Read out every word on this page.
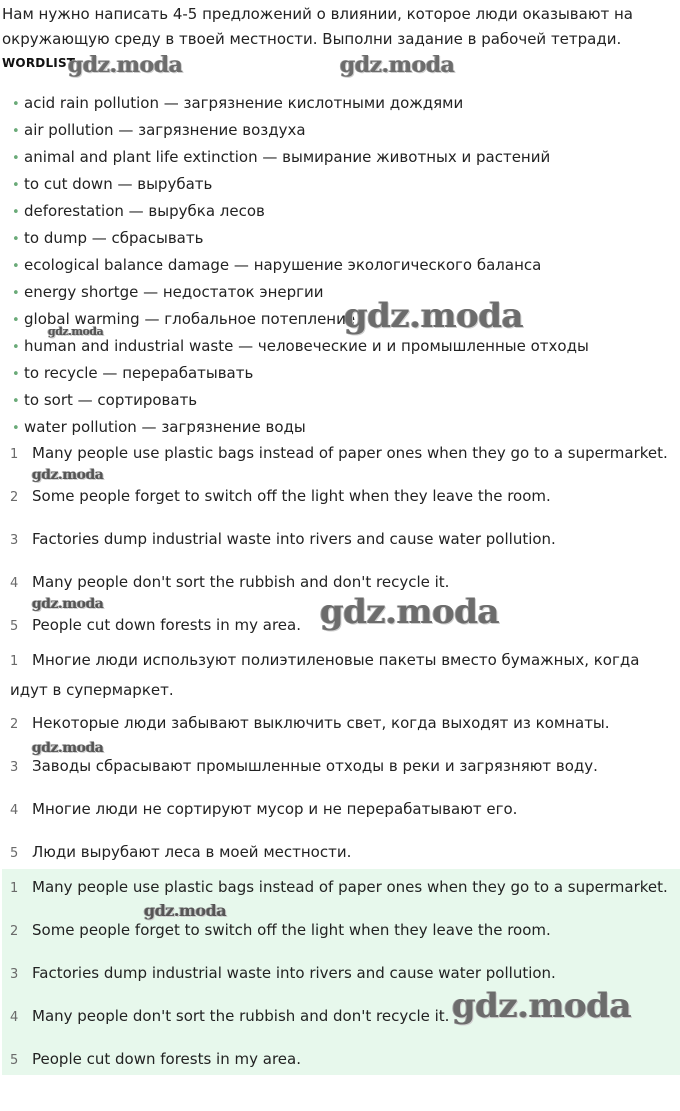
Нам нужно написать 4-5 предложений о влиянии, которое люди оказывают на окружающую среду в твоей местности. Выполни задание в рабочей тетради.
WORDLIST
• acid rain pollution — загрязнение кислотными дождями
• air pollution — загрязнение воздуха
• animal and plant life extinction — вымирание животных и растений
• to cut down — вырубать
• deforestation — вырубка лесов
• to dump — сбрасывать
• ecological balance damage — нарушение экологического баланса
• energy shortge — недостаток энергии
• global warming — глобальное потепление
• human and industrial waste — человеческие и и промышленные отходы
• to recycle — перерабатывать
• to sort — сортировать
• water pollution — загрязнение воды
1 Many people use plastic bags instead of paper ones when they go to a supermarket.
2 Some people forget to switch off the light when they leave the room.
3 Factories dump industrial waste into rivers and cause water pollution.
4 Many people don't sort the rubbish and don't recycle it.
5 People cut down forests in my area.
1 Многие люди используют полиэтиленовые пакеты вместо бумажных, когда идут в супермаркет.
2 Некоторые люди забывают выключить свет, когда выходят из комнаты.
3 Заводы сбрасывают промышленные отходы в реки и загрязняют воду.
4 Многие люди не сортируют мусор и не перерабатывают его.
5 Люди вырубают леса в моей местности.
1 Many people use plastic bags instead of paper ones when they go to a supermarket.
2 Some people forget to switch off the light when they leave the room.
3 Factories dump industrial waste into rivers and cause water pollution.
4 Many people don't sort the rubbish and don't recycle it.
5 People cut down forests in my area.
gdz.moda	gdz.moda
gdz.moda
gdz.moda
gdz.moda
gdz.moda	gdz.moda
gdz.moda
gdz.moda
gdz.moda
